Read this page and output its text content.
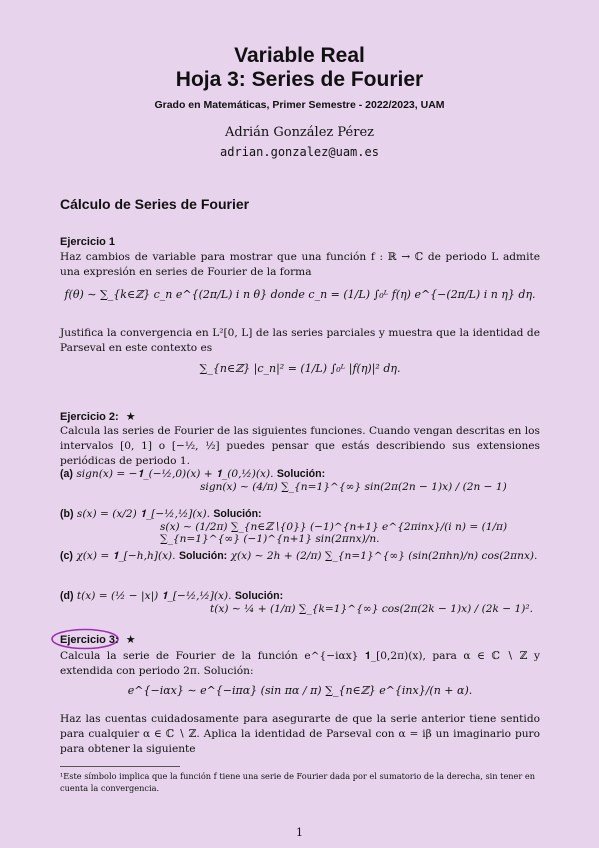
Variable Real
Hoja 3: Series de Fourier
Grado en Matemáticas, Primer Semestre - 2022/2023, UAM
Adrián González Pérez
adrian.gonzalez@uam.es
Cálculo de Series de Fourier
Ejercicio 1
Haz cambios de variable para mostrar que una función f : ℝ → ℂ de periodo L admite una expresión en series de Fourier de la forma
f(θ) ∼ ∑_{k∈ℤ} c_n e^{(2π/L) i n θ} donde c_n = (1/L) ∫₀ᴸ f(η) e^{−(2π/L) i n η} dη.
Justifica la convergencia en L²[0, L] de las series parciales y muestra que la identidad de Parseval en este contexto es
∑_{n∈ℤ} |c_n|² = (1/L) ∫₀ᴸ |f(η)|² dη.
Ejercicio 2: ★
Calcula las series de Fourier de las siguientes funciones. Cuando vengan descritas en los intervalos [0, 1] o [−½, ½] puedes pensar que estás describiendo sus extensiones periódicas de periodo 1.
(a) sign(x) = −𝟏_(−½,0)(x) + 𝟏_(0,½)(x). Solución:
sign(x) ∼ (4/π) ∑_{n=1}^{∞} sin(2π(2n − 1)x) / (2n − 1)
(b) s(x) = (x/2) 𝟏_[−½,½](x). Solución:
s(x) ∼ (1/2π) ∑_{n∈ℤ∖{0}} (−1)^{n+1} e^{2πinx}/(i n) = (1/π) ∑_{n=1}^{∞} (−1)^{n+1} sin(2πnx)/n.
(c) χ(x) = 𝟏_[−h,h](x). Solución: χ(x) ∼ 2h + (2/π) ∑_{n=1}^{∞} (sin(2πhn)/n) cos(2πnx).
(d) t(x) = (½ − |x|) 𝟏_[−½,½](x). Solución:
t(x) ∼ ¼ + (1/π) ∑_{k=1}^{∞} cos(2π(2k − 1)x) / (2k − 1)².
Ejercicio 3: ★
Calcula la serie de Fourier de la función e^{−iαx} 𝟏_[0,2π)(x), para α ∈ ℂ ∖ ℤ y extendida con periodo 2π. Solución:
e^{−iαx} ∼ e^{−iπα} (sin πα / π) ∑_{n∈ℤ} e^{inx}/(n + α).
Haz las cuentas cuidadosamente para asegurarte de que la serie anterior tiene sentido para cualquier α ∈ ℂ ∖ ℤ. Aplica la identidad de Parseval con α = iβ un imaginario puro para obtener la siguiente
¹Este símbolo implica que la función f tiene una serie de Fourier dada por el sumatorio de la derecha, sin tener en cuenta la convergencia.
1
